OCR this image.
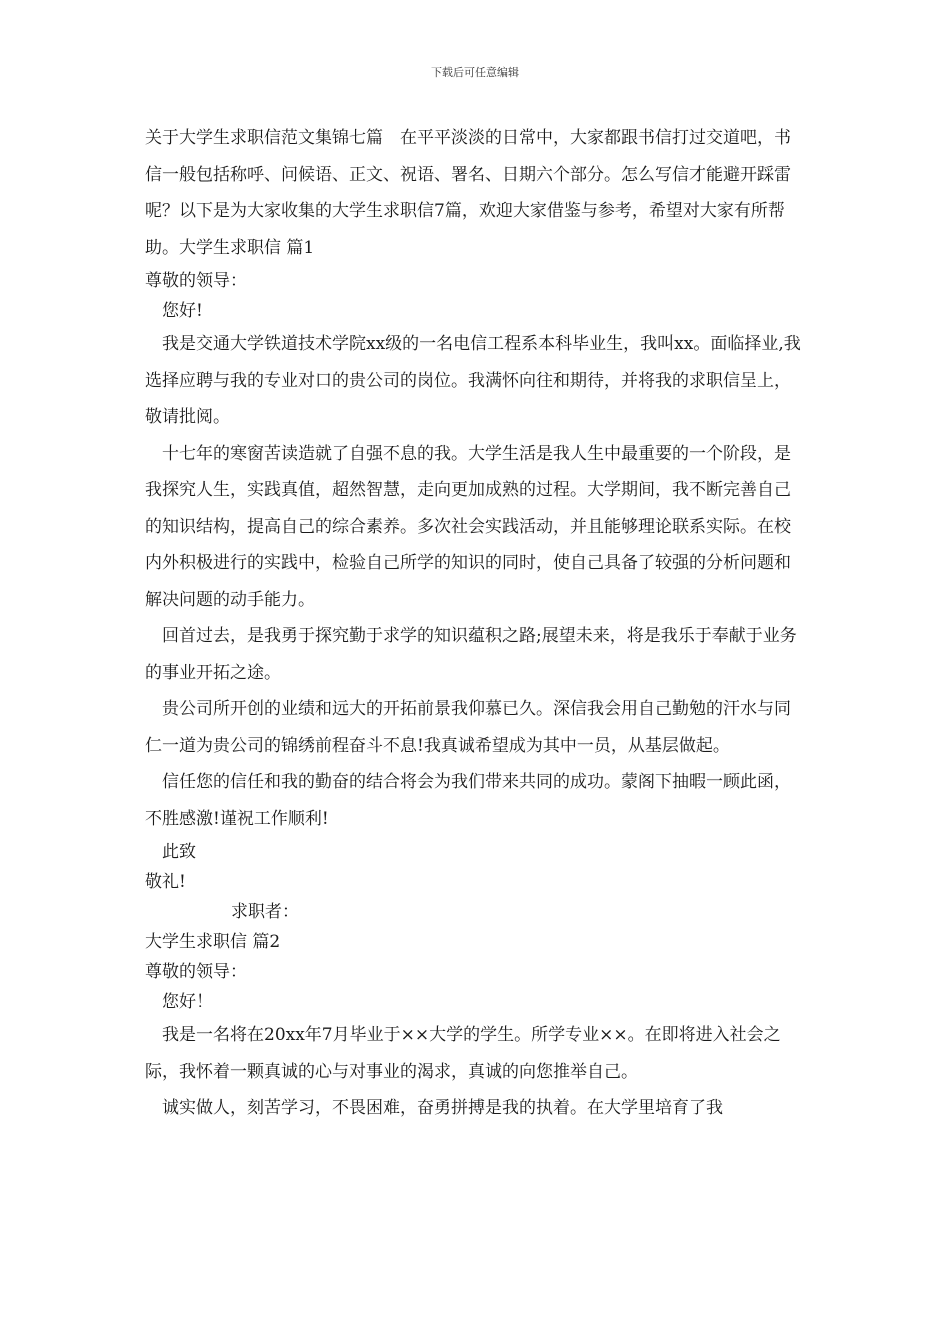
下载后可任意编辑

关于大学生求职信范文集锦七篇　在平平淡淡的日常中，大家都跟书信打过交道吧，书信一般包括称呼、问候语、正文、祝语、署名、日期六个部分。怎么写信才能避开踩雷呢？以下是为大家收集的大学生求职信7篇，欢迎大家借鉴与参考，希望对大家有所帮助。大学生求职信 篇1

尊敬的领导：

您好!

我是交通大学铁道技术学院xx级的一名电信工程系本科毕业生，我叫xx。面临择业,我选择应聘与我的专业对口的贵公司的岗位。我满怀向往和期待，并将我的求职信呈上，敬请批阅。

十七年的寒窗苦读造就了自强不息的我。大学生活是我人生中最重要的一个阶段，是我探究人生，实践真值，超然智慧，走向更加成熟的过程。大学期间，我不断完善自己的知识结构，提高自己的综合素养。多次社会实践活动，并且能够理论联系实际。在校内外积极进行的实践中，检验自己所学的知识的同时，使自己具备了较强的分析问题和解决问题的动手能力。

回首过去，是我勇于探究勤于求学的知识蕴积之路;展望未来，将是我乐于奉献于业务的事业开拓之途。

贵公司所开创的业绩和远大的开拓前景我仰慕已久。深信我会用自己勤勉的汗水与同仁一道为贵公司的锦绣前程奋斗不息!我真诚希望成为其中一员，从基层做起。

信任您的信任和我的勤奋的结合将会为我们带来共同的成功。蒙阁下抽暇一顾此函，不胜感激!谨祝工作顺利!

此致

敬礼!

求职者：

大学生求职信 篇2

尊敬的领导：

您好！

我是一名将在20xx年7月毕业于××大学的学生。所学专业××。在即将进入社会之际，我怀着一颗真诚的心与对事业的渴求，真诚的向您推举自己。

诚实做人，刻苦学习，不畏困难，奋勇拼搏是我的执着。在大学里培育了我
